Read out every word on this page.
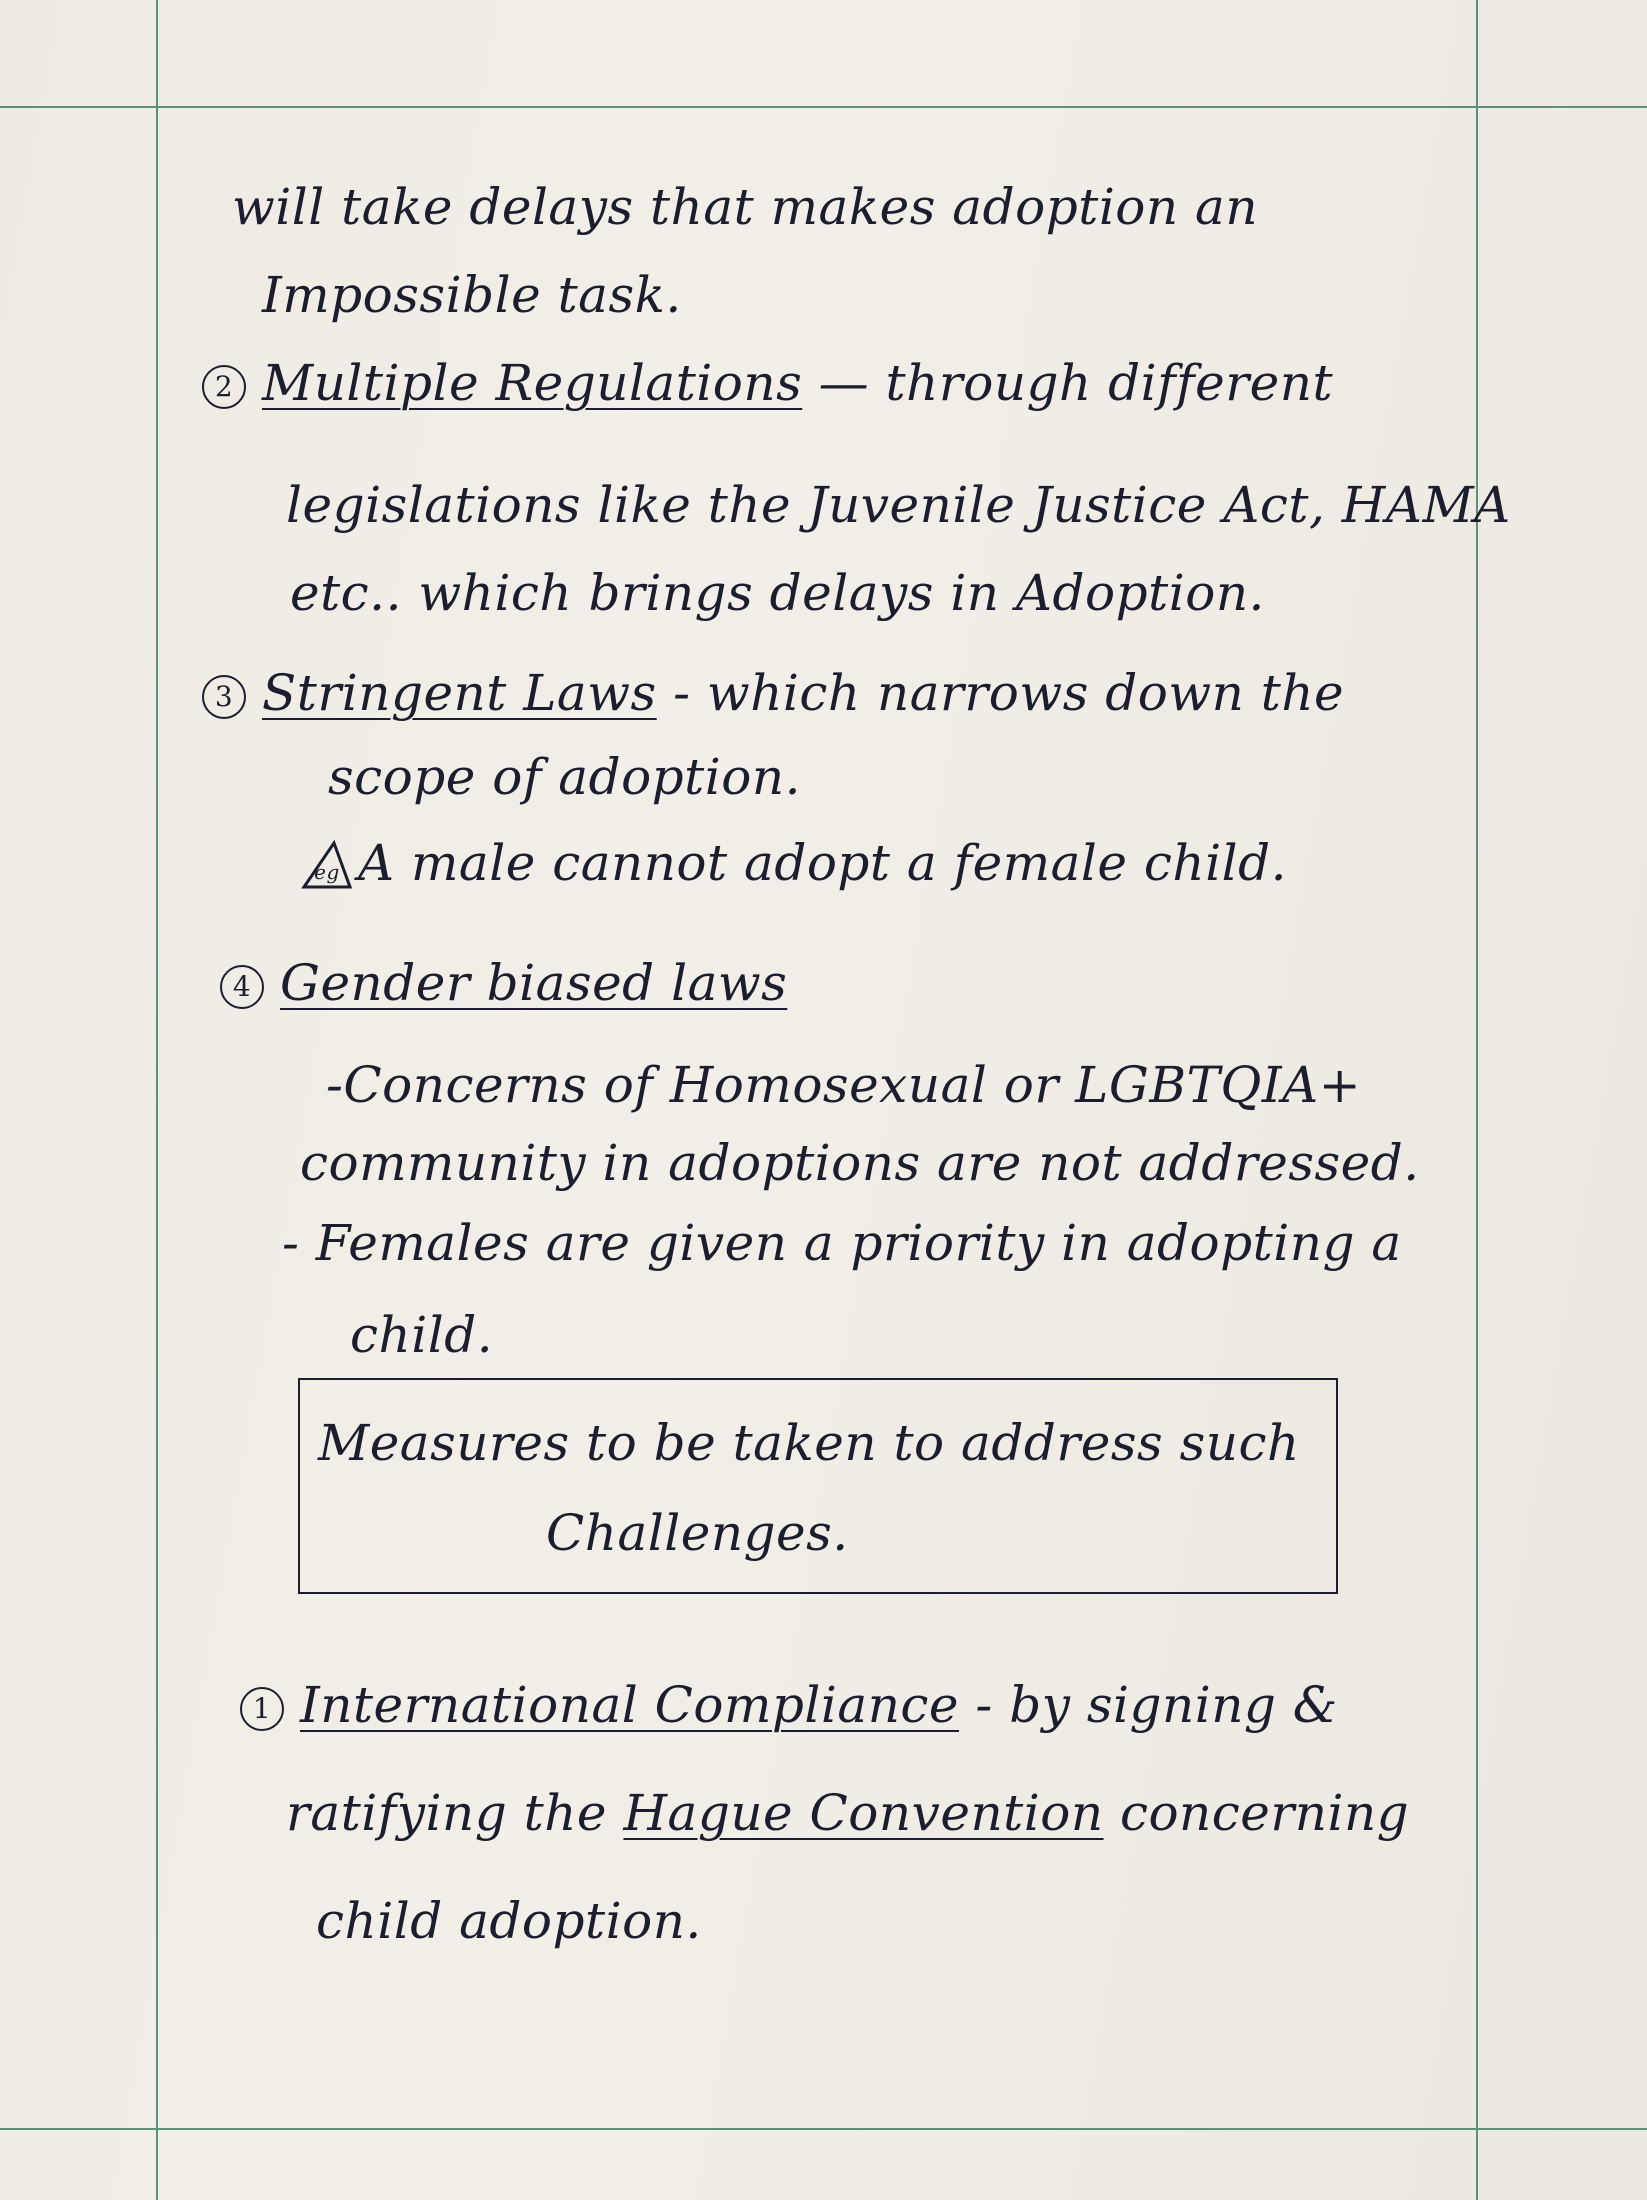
will take delays that makes adoption an
Impossible task.
2 Multiple Regulations — through different
legislations like the Juvenile Justice Act, HAMA
etc.. which brings delays in Adoption.
3 Stringent Laws - which narrows down the
scope of adoption.
eg A male cannot adopt a female child.
4 Gender biased laws
-Concerns of Homosexual or LGBTQIA+
community in adoptions are not addressed.
- Females are given a priority in adopting a
child.
Measures to be taken to address such
Challenges.
1 International Compliance - by signing &
ratifying the Hague Convention concerning
child adoption.
